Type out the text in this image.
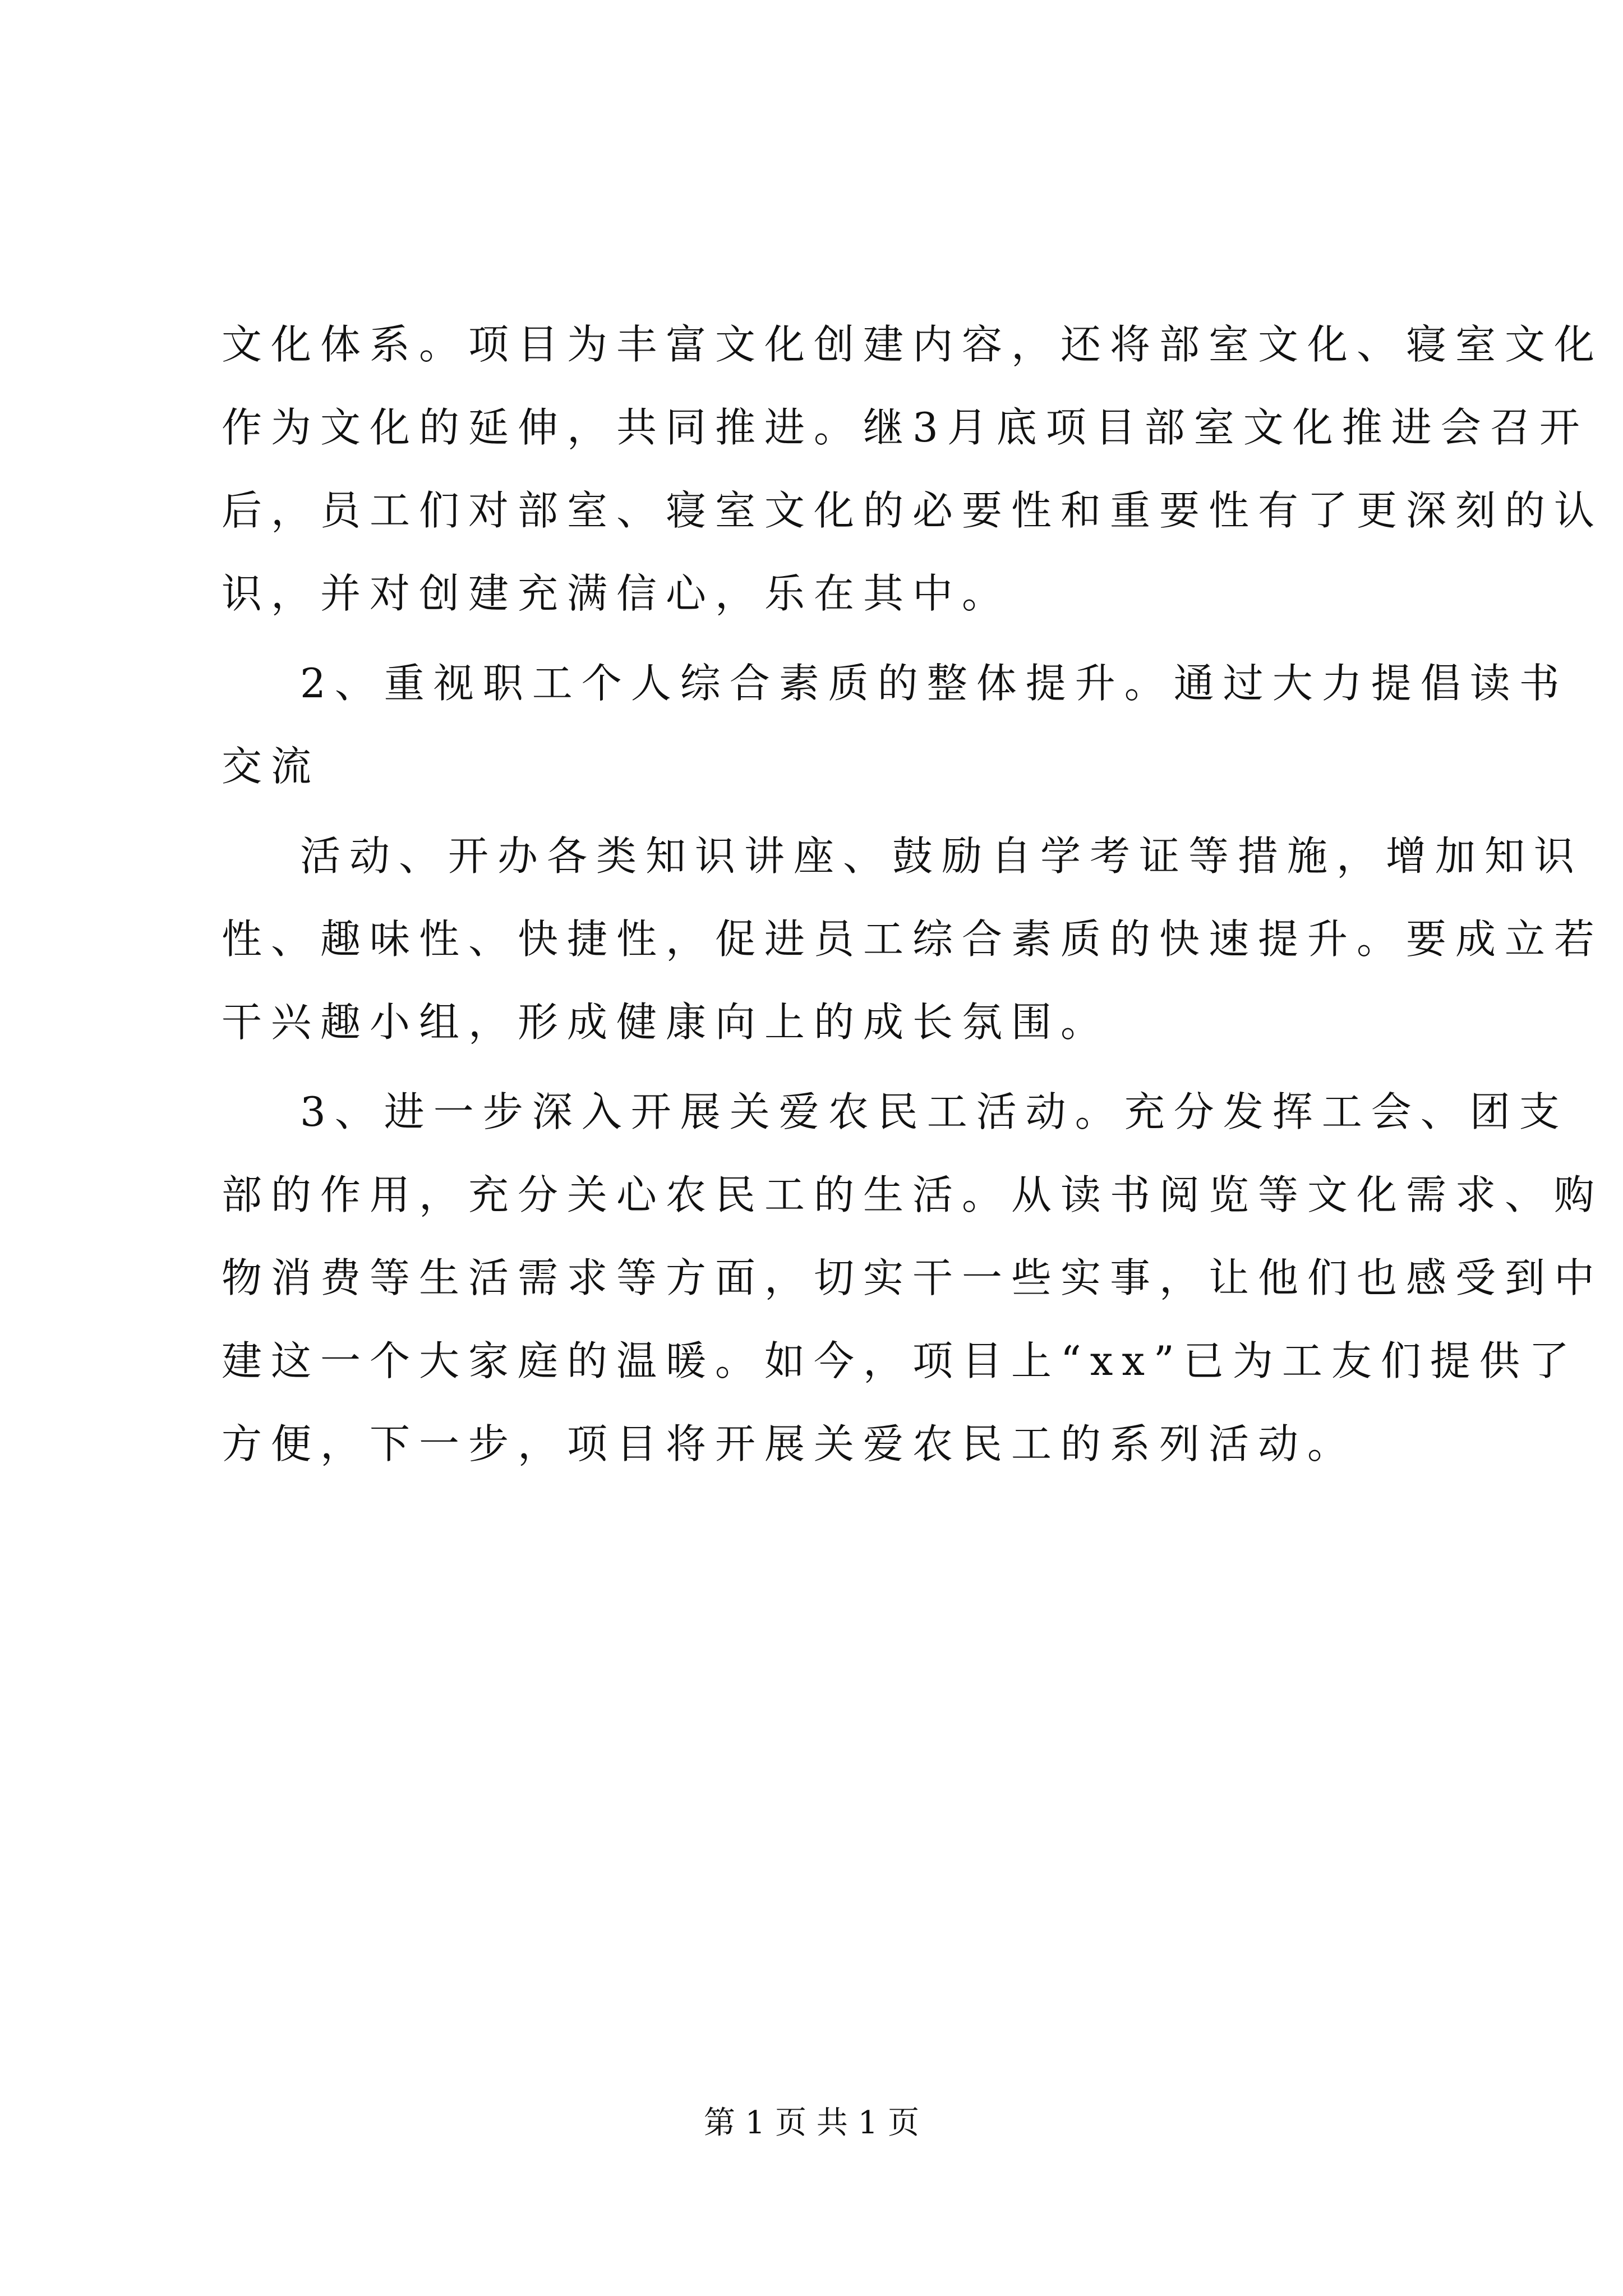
文化体系。项目为丰富文化创建内容，还将部室文化、寝室文化
作为文化的延伸，共同推进。继3月底项目部室文化推进会召开
后，员工们对部室、寝室文化的必要性和重要性有了更深刻的认
识，并对创建充满信心，乐在其中。
2、重视职工个人综合素质的整体提升。通过大力提倡读书
交流
活动、开办各类知识讲座、鼓励自学考证等措施，增加知识
性、趣味性、快捷性，促进员工综合素质的快速提升。要成立若
干兴趣小组，形成健康向上的成长氛围。
3、进一步深入开展关爱农民工活动。充分发挥工会、团支
部的作用，充分关心农民工的生活。从读书阅览等文化需求、购
物消费等生活需求等方面，切实干一些实事，让他们也感受到中
建这一个大家庭的温暖。如今，项目上“xx”已为工友们提供了
方便，下一步，项目将开展关爱农民工的系列活动。
第 1 页 共 1 页
